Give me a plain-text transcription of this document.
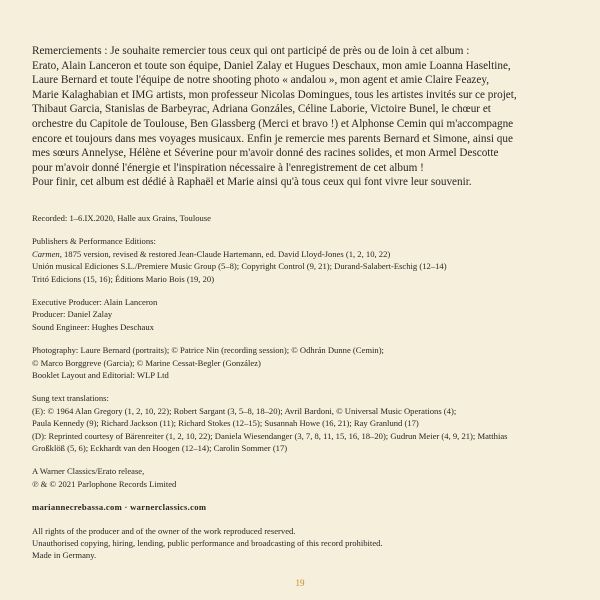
Remerciements : Je souhaite remercier tous ceux qui ont participé de près ou de loin à cet album :

Erato, Alain Lanceron et toute son équipe, Daniel Zalay et Hugues Deschaux, mon amie Loanna Haseltine,

Laure Bernard et toute l'équipe de notre shooting photo « andalou », mon agent et amie Claire Feazey,

Marie Kalaghabian et IMG artists, mon professeur Nicolas Domingues, tous les artistes invités sur ce projet,

Thibaut Garcia, Stanislas de Barbeyrac, Adriana Gonzáles, Céline Laborie, Victoire Bunel, le chœur et

orchestre du Capitole de Toulouse, Ben Glassberg (Merci et bravo !) et Alphonse Cemin qui m'accompagne

encore et toujours dans mes voyages musicaux. Enfin je remercie mes parents Bernard et Simone, ainsi que

mes sœurs Annelyse, Hélène et Séverine pour m'avoir donné des racines solides, et mon Armel Descotte

pour m'avoir donné l'énergie et l'inspiration nécessaire à l'enregistrement de cet album !

Pour finir, cet album est dédié à Raphaël et Marie ainsi qu'à tous ceux qui font vivre leur souvenir.

Recorded: 1–6.IX.2020, Halle aux Grains, Toulouse

Publishers & Performance Editions:

Carmen, 1875 version, revised & restored Jean-Claude Hartemann, ed. David Lloyd-Jones (1, 2, 10, 22)

Unión musical Ediciones S.L./Premiere Music Group (5–8); Copyright Control (9, 21); Durand-Salabert-Eschig (12–14)

Tritó Edicions (15, 16); Éditions Mario Bois (19, 20)

Executive Producer: Alain Lanceron

Producer: Daniel Zalay

Sound Engineer: Hughes Deschaux

Photography: Laure Bernard (portraits); © Patrice Nin (recording session); © Odhrán Dunne (Cemin);

© Marco Borggreve (Garcia); © Marine Cessat-Begler (González)

Booklet Layout and Editorial: WLP Ltd

Sung text translations:

(E): © 1964 Alan Gregory (1, 2, 10, 22); Robert Sargant (3, 5–8, 18–20); Avril Bardoni, © Universal Music Operations (4);

Paula Kennedy (9); Richard Jackson (11); Richard Stokes (12–15); Susannah Howe (16, 21); Ray Granlund (17)

(D): Reprinted courtesy of Bärenreiter (1, 2, 10, 22); Daniela Wiesendanger (3, 7, 8, 11, 15, 16, 18–20); Gudrun Meier (4, 9, 21); Matthias

Großklöß (5, 6); Eckhardt van den Hoogen (12–14); Carolin Sommer (17)

A Warner Classics/Erato release,

℗ & © 2021 Parlophone Records Limited

mariannecrebassa.com · warnerclassics.com

All rights of the producer and of the owner of the work reproduced reserved.

Unauthorised copying, hiring, lending, public performance and broadcasting of this record prohibited.

Made in Germany.

19
